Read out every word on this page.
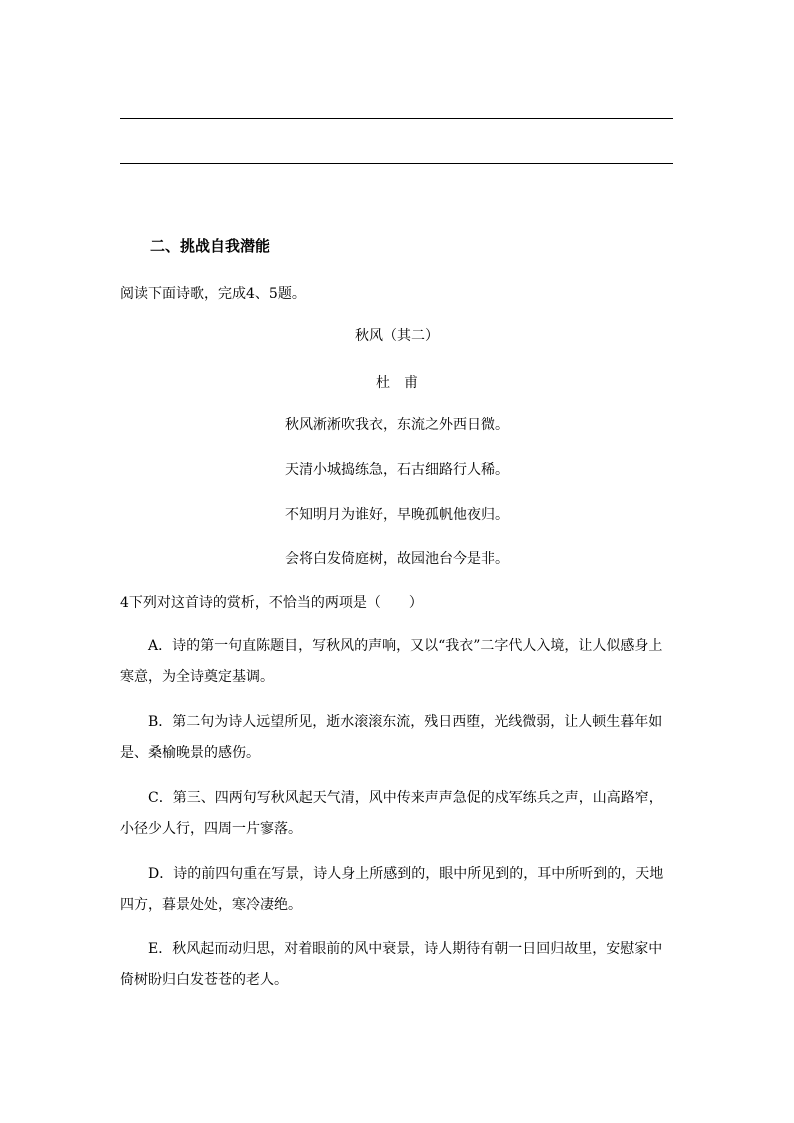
二、挑战自我潜能
阅读下面诗歌，完成4、5题。
秋风（其二）
杜　甫
秋风淅淅吹我衣，东流之外西日微。
天清小城捣练急，石古细路行人稀。
不知明月为谁好，早晚孤帆他夜归。
会将白发倚庭树，故园池台今是非。
4下列对这首诗的赏析，不恰当的两项是（　　）
A．诗的第一句直陈题目，写秋风的声响，又以“我衣”二字代人入境，让人似感身上寒意，为全诗奠定基调。
B．第二句为诗人远望所见，逝水滚滚东流，残日西堕，光线微弱，让人顿生暮年如是、桑榆晚景的感伤。
C．第三、四两句写秋风起天气清，风中传来声声急促的戍军练兵之声，山高路窄，小径少人行，四周一片寥落。
D．诗的前四句重在写景，诗人身上所感到的，眼中所见到的，耳中所听到的，天地四方，暮景处处，寒冷凄绝。
E．秋风起而动归思，对着眼前的风中衰景，诗人期待有朝一日回归故里，安慰家中倚树盼归白发苍苍的老人。
